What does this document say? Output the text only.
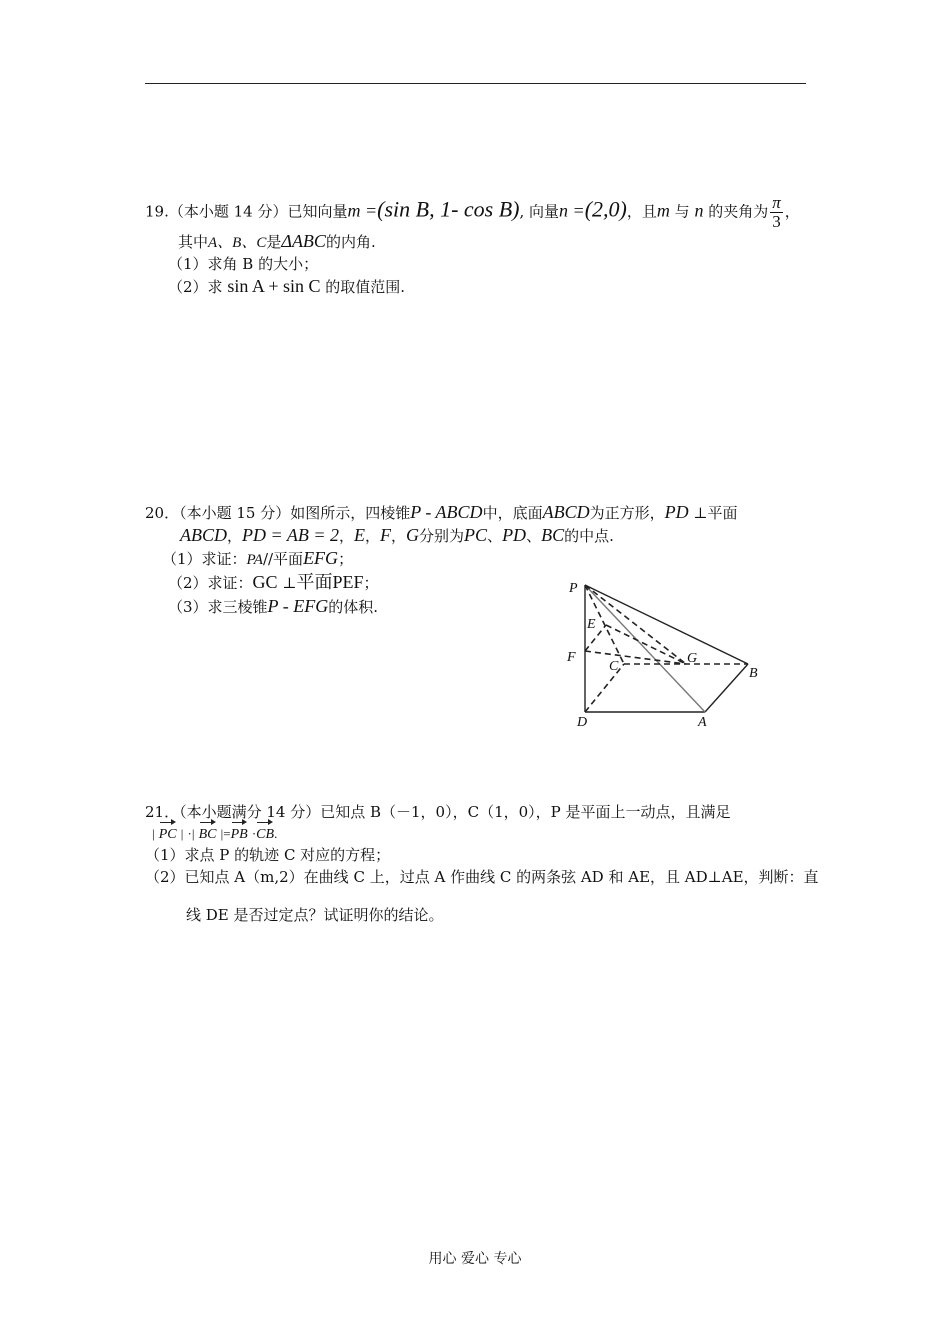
19.（本小题 14 分）已知向量m =(sin B, 1- cos B), 向量n =(2,0)，且m 与 n 的夹角为 $\frac{\pi}{3}$ ，
其中A、B、C是ΔABC的内角.
（1）求角 B 的大小；
（2）求 sin A + sin C 的取值范围.
20．（本小题 15 分）如图所示，四棱锥P - ABCD中，底面ABCD为正方形，PD ⊥平面
ABCD，PD = AB = 2，E，F，G分别为PC、PD、BC的中点.
（1）求证：PA//平面EFG；
（2）求证：GC ⊥平面PEF；
（3）求三棱锥P - EFG的体积.
P
E
F
C
G
B
D	A
21．（本小题满分 14 分）已知点 B（－1，0），C（1，0），P 是平面上一动点，且满足
| PC | ·| BC |=PB ·CB.
（1）求点 P 的轨迹 C 对应的方程；
（2）已知点 A（m,2）在曲线 C 上，过点 A 作曲线 C 的两条弦 AD 和 AE，且 AD⊥AE，判断：直
线 DE 是否过定点？试证明你的结论。
用心 爱心 专心
